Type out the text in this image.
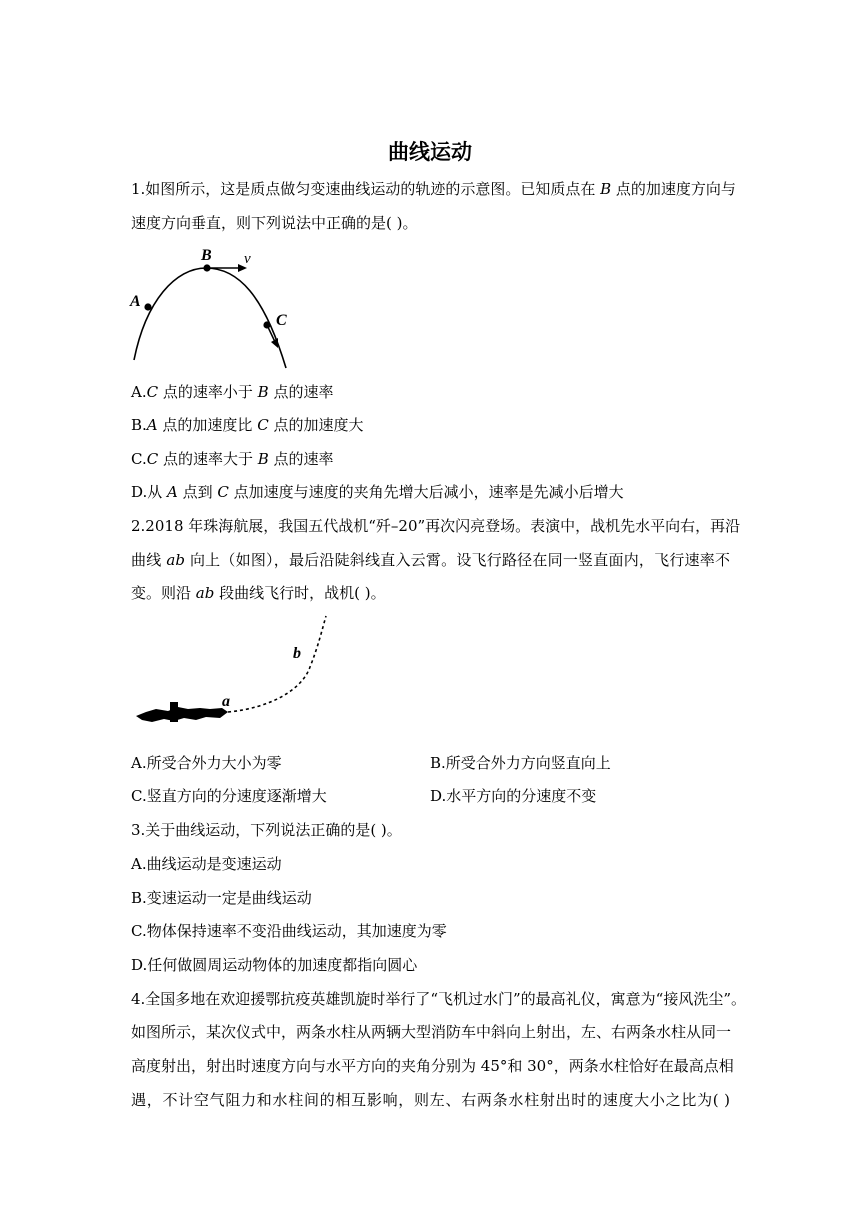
曲线运动
1.如图所示，这是质点做匀变速曲线运动的轨迹的示意图。已知质点在 B 点的加速度方向与
速度方向垂直，则下列说法中正确的是( )。
A
B
C
v
A.C 点的速率小于 B 点的速率
B.A 点的加速度比 C 点的加速度大
C.C 点的速率大于 B 点的速率
D.从 A 点到 C 点加速度与速度的夹角先增大后减小，速率是先减小后增大
2.2018 年珠海航展，我国五代战机“歼–20”再次闪亮登场。表演中，战机先水平向右，再沿
曲线 ab 向上（如图），最后沿陡斜线直入云霄。设飞行路径在同一竖直面内，飞行速率不
变。则沿 ab 段曲线飞行时，战机( )。
a
b
A.所受合外力大小为零	B.所受合外力方向竖直向上
C.竖直方向的分速度逐渐增大	D.水平方向的分速度不变
3.关于曲线运动，下列说法正确的是( )。
A.曲线运动是变速运动
B.变速运动一定是曲线运动
C.物体保持速率不变沿曲线运动，其加速度为零
D.任何做圆周运动物体的加速度都指向圆心
4.全国多地在欢迎援鄂抗疫英雄凯旋时举行了“飞机过水门”的最高礼仪，寓意为“接风洗尘”。
如图所示，某次仪式中，两条水柱从两辆大型消防车中斜向上射出，左、右两条水柱从同一
高度射出，射出时速度方向与水平方向的夹角分别为 45°和 30°，两条水柱恰好在最高点相
遇，不计空气阻力和水柱间的相互影响，则左、右两条水柱射出时的速度大小之比为( )
